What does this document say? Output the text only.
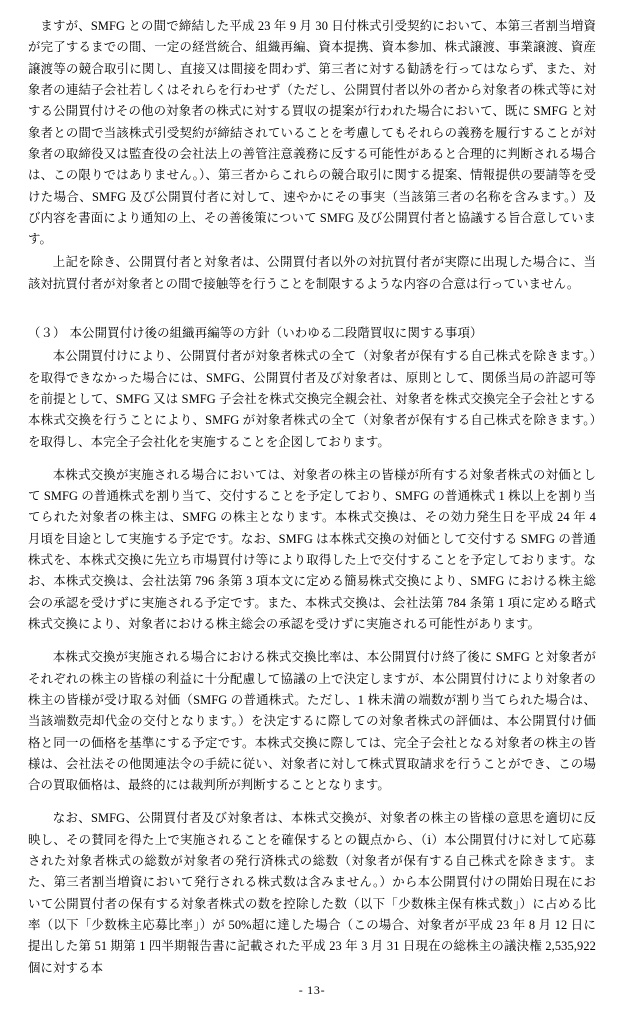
ますが、SMFG との間で締結した平成 23 年 9 月 30 日付株式引受契約において、本第三者割当増資が完了するまでの間、一定の経営統合、組織再編、資本提携、資本参加、株式譲渡、事業譲渡、資産譲渡等の競合取引に関し、直接又は間接を問わず、第三者に対する勧誘を行ってはならず、また、対象者の連結子会社若しくはそれらを行わせず（ただし、公開買付者以外の者から対象者の株式等に対する公開買付けその他の対象者の株式に対する買収の提案が行われた場合において、既に SMFG と対象者との間で当該株式引受契約が締結されていることを考慮してもそれらの義務を履行することが対象者の取締役又は監査役の会社法上の善管注意義務に反する可能性があると合理的に判断される場合は、この限りではありません。）、第三者からこれらの競合取引に関する提案、情報提供の要請等を受けた場合、SMFG 及び公開買付者に対して、速やかにその事実（当該第三者の名称を含みます。）及び内容を書面により通知の上、その善後策について SMFG 及び公開買付者と協議する旨合意しています。

上記を除き、公開買付者と対象者は、公開買付者以外の対抗買付者が実際に出現した場合に、当該対抗買付者が対象者との間で接触等を行うことを制限するような内容の合意は行っていません。

（３） 本公開買付け後の組織再編等の方針（いわゆる二段階買収に関する事項）

本公開買付けにより、公開買付者が対象者株式の全て（対象者が保有する自己株式を除きます。）を取得できなかった場合には、SMFG、公開買付者及び対象者は、原則として、関係当局の許認可等を前提として、SMFG 又は SMFG 子会社を株式交換完全親会社、対象者を株式交換完全子会社とする本株式交換を行うことにより、SMFG が対象者株式の全て（対象者が保有する自己株式を除きます。）を取得し、本完全子会社化を実施することを企図しております。

本株式交換が実施される場合においては、対象者の株主の皆様が所有する対象者株式の対価として SMFG の普通株式を割り当て、交付することを予定しており、SMFG の普通株式 1 株以上を割り当てられた対象者の株主は、SMFG の株主となります。本株式交換は、その効力発生日を平成 24 年 4 月頃を目途として実施する予定です。なお、SMFG は本株式交換の対価として交付する SMFG の普通株式を、本株式交換に先立ち市場買付け等により取得した上で交付することを予定しております。なお、本株式交換は、会社法第 796 条第 3 項本文に定める簡易株式交換により、SMFG における株主総会の承認を受けずに実施される予定です。また、本株式交換は、会社法第 784 条第 1 項に定める略式株式交換により、対象者における株主総会の承認を受けずに実施される可能性があります。

本株式交換が実施される場合における株式交換比率は、本公開買付け終了後に SMFG と対象者がそれぞれの株主の皆様の利益に十分配慮して協議の上で決定しますが、本公開買付けにより対象者の株主の皆様が受け取る対価（SMFG の普通株式。ただし、1 株未満の端数が割り当てられた場合は、当該端数売却代金の交付となります。）を決定するに際しての対象者株式の評価は、本公開買付け価格と同一の価格を基準にする予定です。本株式交換に際しては、完全子会社となる対象者の株主の皆様は、会社法その他関連法令の手続に従い、対象者に対して株式買取請求を行うことができ、この場合の買取価格は、最終的には裁判所が判断することとなります。

なお、SMFG、公開買付者及び対象者は、本株式交換が、対象者の株主の皆様の意思を適切に反映し、その賛同を得た上で実施されることを確保するとの観点から、（ⅰ）本公開買付けに対して応募された対象者株式の総数が対象者の発行済株式の総数（対象者が保有する自己株式を除きます。また、第三者割当増資において発行される株式数は含みません。）から本公開買付けの開始日現在において公開買付者の保有する対象者株式の数を控除した数（以下「少数株主保有株式数」）に占める比率（以下「少数株主応募比率」）が 50%超に達した場合（この場合、対象者が平成 23 年 8 月 12 日に提出した第 51 期第 1 四半期報告書に記載された平成 23 年 3 月 31 日現在の総株主の議決権 2,535,922 個に対する本

- 13-
